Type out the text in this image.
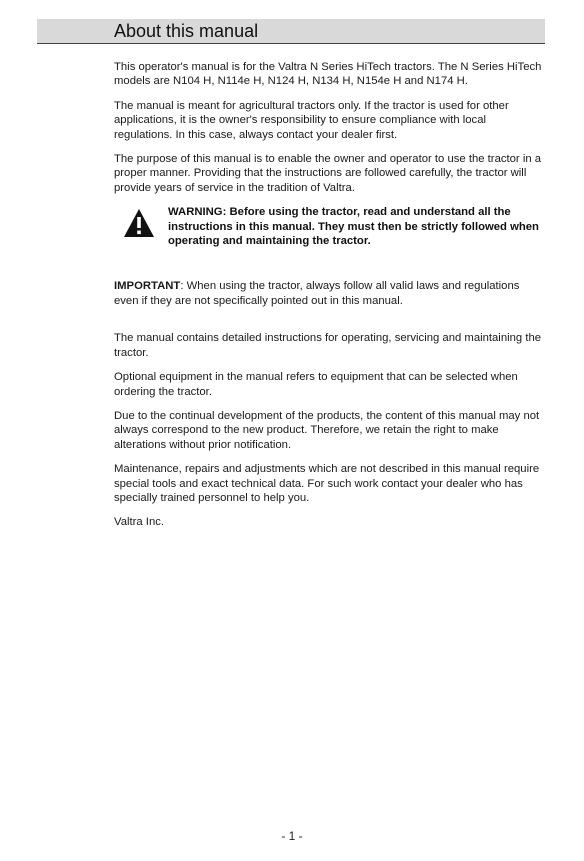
About this manual

This operator's manual is for the Valtra N Series HiTech tractors. The N Series HiTech models are N104 H, N114e H, N124 H, N134 H, N154e H and N174 H.

The manual is meant for agricultural tractors only. If the tractor is used for other applications, it is the owner's responsibility to ensure compliance with local regulations. In this case, always contact your dealer first.

The purpose of this manual is to enable the owner and operator to use the tractor in a proper manner. Providing that the instructions are followed carefully, the tractor will provide years of service in the tradition of Valtra.

WARNING: Before using the tractor, read and understand all the instructions in this manual. They must then be strictly followed when operating and maintaining the tractor.

IMPORTANT: When using the tractor, always follow all valid laws and regulations even if they are not specifically pointed out in this manual.

The manual contains detailed instructions for operating, servicing and maintaining the tractor.

Optional equipment in the manual refers to equipment that can be selected when ordering the tractor.

Due to the continual development of the products, the content of this manual may not always correspond to the new product. Therefore, we retain the right to make alterations without prior notification.

Maintenance, repairs and adjustments which are not described in this manual require special tools and exact technical data. For such work contact your dealer who has specially trained personnel to help you.

Valtra Inc.

- 1 -
